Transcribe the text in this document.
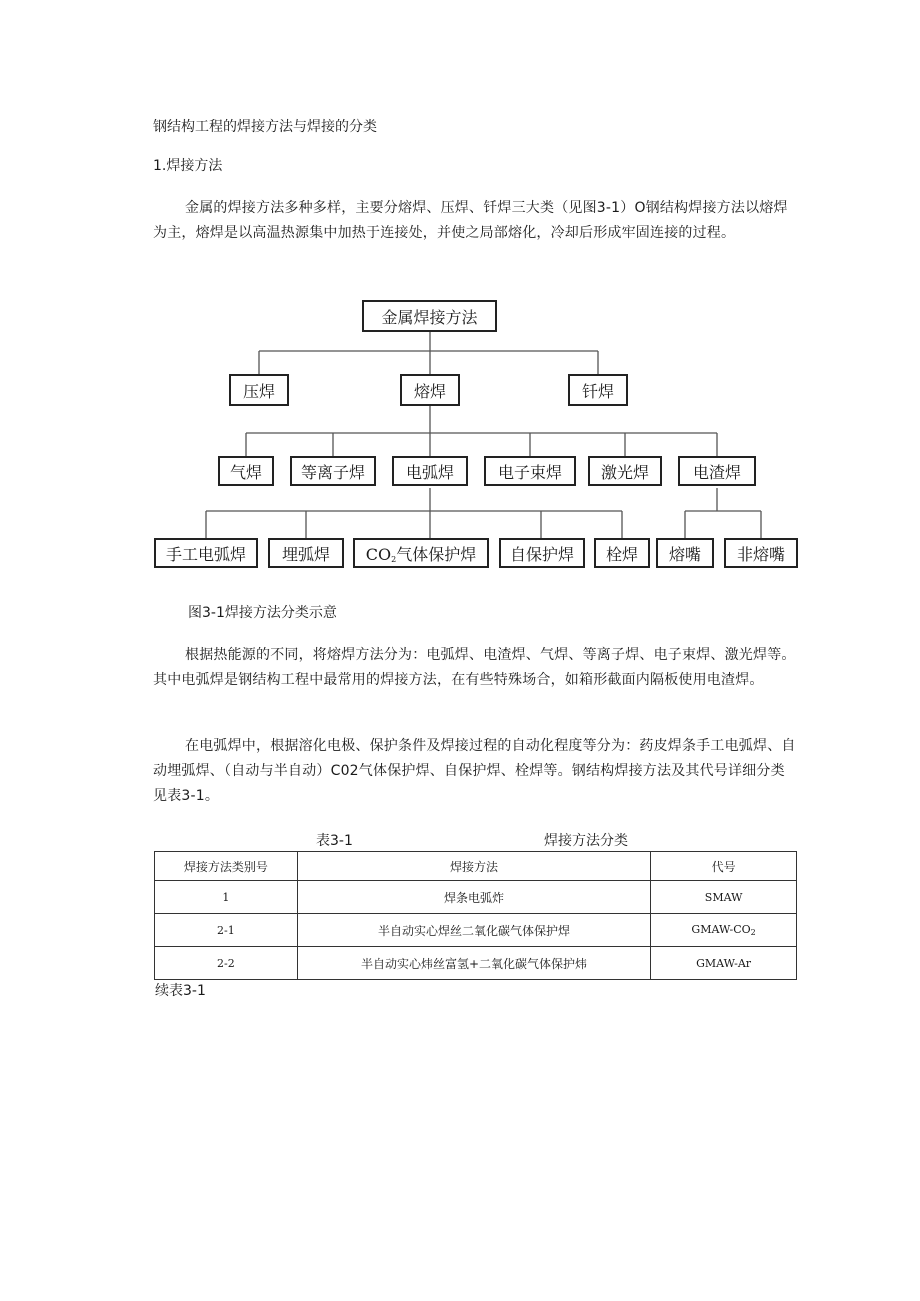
钢结构工程的焊接方法与焊接的分类
1.焊接方法
金属的焊接方法多种多样，主要分熔焊、压焊、钎焊三大类（见图3-1）O钢结构焊接方法以熔焊为主，熔焊是以高温热源集中加热于连接处，并使之局部熔化，冷却后形成牢固连接的过程。
金属焊接方法
压焊	熔焊	钎焊
气焊	等离子焊	电弧焊	电子束焊	激光焊	电渣焊
手工电弧焊	埋弧焊	$CO_2$气体保护焊	自保护焊	栓焊	熔嘴	非熔嘴
图3-1焊接方法分类示意
根据热能源的不同，将熔焊方法分为：电弧焊、电渣焊、气焊、等离子焊、电子束焊、激光焊等。其中电弧焊是钢结构工程中最常用的焊接方法，在有些特殊场合，如箱形截面内隔板使用电渣焊。
在电弧焊中，根据溶化电极、保护条件及焊接过程的自动化程度等分为：药皮焊条手工电弧焊、自动埋弧焊、（自动与半自动）C02气体保护焊、自保护焊、栓焊等。钢结构焊接方法及其代号详细分类见表3-1。
表3-1	焊接方法分类
焊接方法类别号	焊接方法	代号
1	焊条电弧炸	SMAW
2-1	半自动实心焊丝二氧化碳气体保护焊	GMAW-$CO_2$
2-2	半自动实心炜丝富氢+二氧化碳气体保护炜	GMAW-Ar
续表3-1
